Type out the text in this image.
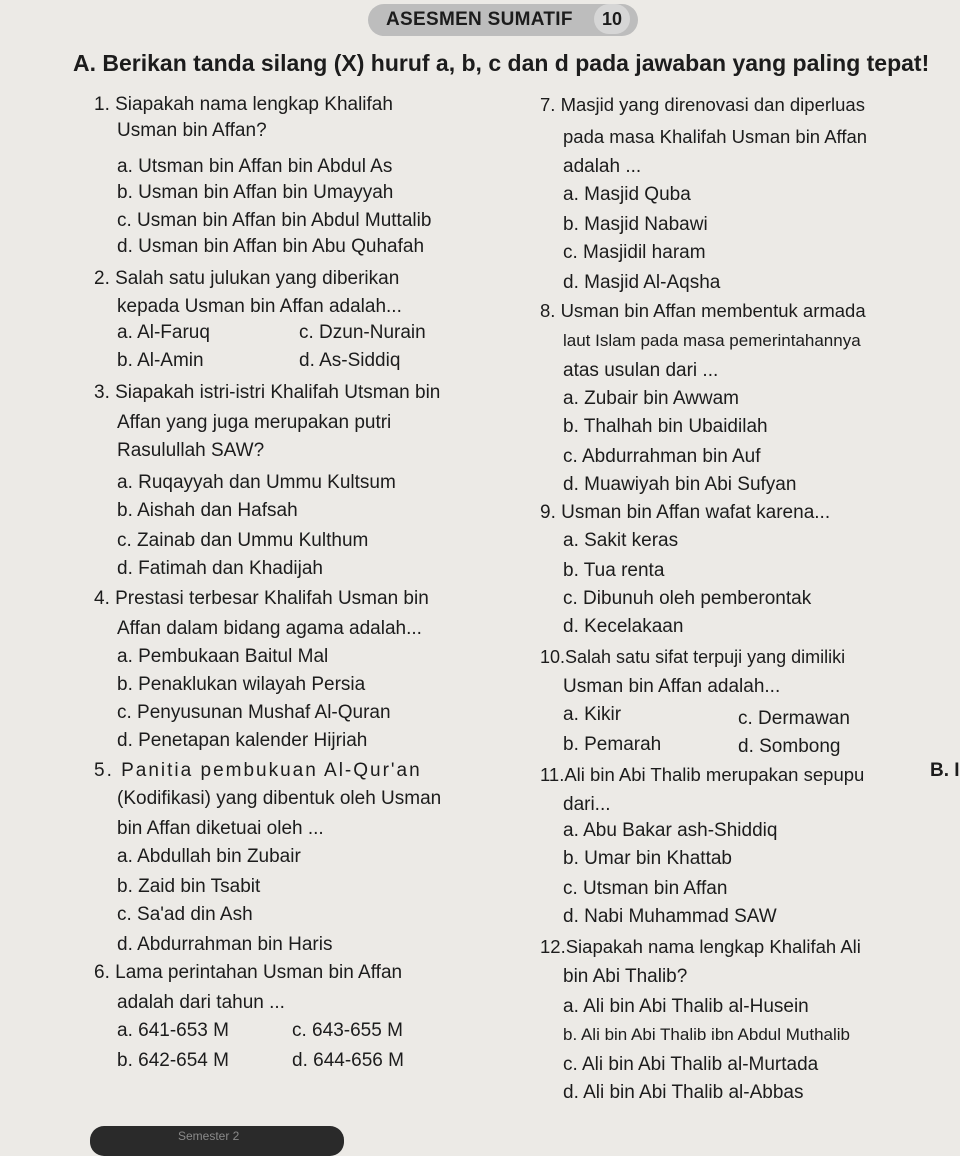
ASESMEN SUMATIF	10
A. Berikan tanda silang (X) huruf a, b, c dan d pada jawaban yang paling tepat!
1. Siapakah nama lengkap Khalifah
Usman bin Affan?
a. Utsman bin Affan bin Abdul As
b. Usman bin Affan bin Umayyah
c. Usman bin Affan bin Abdul Muttalib
d. Usman bin Affan bin Abu Quhafah
2. Salah satu julukan yang diberikan
kepada Usman bin Affan adalah...
a. Al-Faruq	c. Dzun-Nurain
b. Al-Amin	d. As-Siddiq
3. Siapakah istri-istri Khalifah Utsman bin
Affan yang juga merupakan putri
Rasulullah SAW?
a. Ruqayyah dan Ummu Kultsum
b. Aishah dan Hafsah
c. Zainab dan Ummu Kulthum
d. Fatimah dan Khadijah
4. Prestasi terbesar Khalifah Usman bin
Affan dalam bidang agama adalah...
a. Pembukaan Baitul Mal
b. Penaklukan wilayah Persia
c. Penyusunan Mushaf Al-Quran
d. Penetapan kalender Hijriah
5. Panitia pembukuan Al-Qur'an
(Kodifikasi) yang dibentuk oleh Usman
bin Affan diketuai oleh ...
a. Abdullah bin Zubair
b. Zaid bin Tsabit
c. Sa'ad din Ash
d. Abdurrahman bin Haris
6. Lama perintahan Usman bin Affan
adalah dari tahun ...
a. 641-653 M	c. 643-655 M
b. 642-654 M	d. 644-656 M
7. Masjid yang direnovasi dan diperluas
pada masa Khalifah Usman bin Affan
adalah ...
a. Masjid Quba
b. Masjid Nabawi
c. Masjidil haram
d. Masjid Al-Aqsha
8. Usman bin Affan membentuk armada
laut Islam pada masa pemerintahannya
atas usulan dari ...
a. Zubair bin Awwam
b. Thalhah bin Ubaidilah
c. Abdurrahman bin Auf
d. Muawiyah bin Abi Sufyan
9. Usman bin Affan wafat karena...
a. Sakit keras
b. Tua renta
c. Dibunuh oleh pemberontak
d. Kecelakaan
10.Salah satu sifat terpuji yang dimiliki
Usman bin Affan adalah...
a. Kikir	c. Dermawan
b. Pemarah	d. Sombong
11.Ali bin Abi Thalib merupakan sepupu
dari...
a. Abu Bakar ash-Shiddiq
b. Umar bin Khattab
c. Utsman bin Affan
d. Nabi Muhammad SAW
12.Siapakah nama lengkap Khalifah Ali
bin Abi Thalib?
a. Ali bin Abi Thalib al-Husein
b. Ali bin Abi Thalib ibn Abdul Muthalib
c. Ali bin Abi Thalib al-Murtada
d. Ali bin Abi Thalib al-Abbas
B. I
Semester 2
